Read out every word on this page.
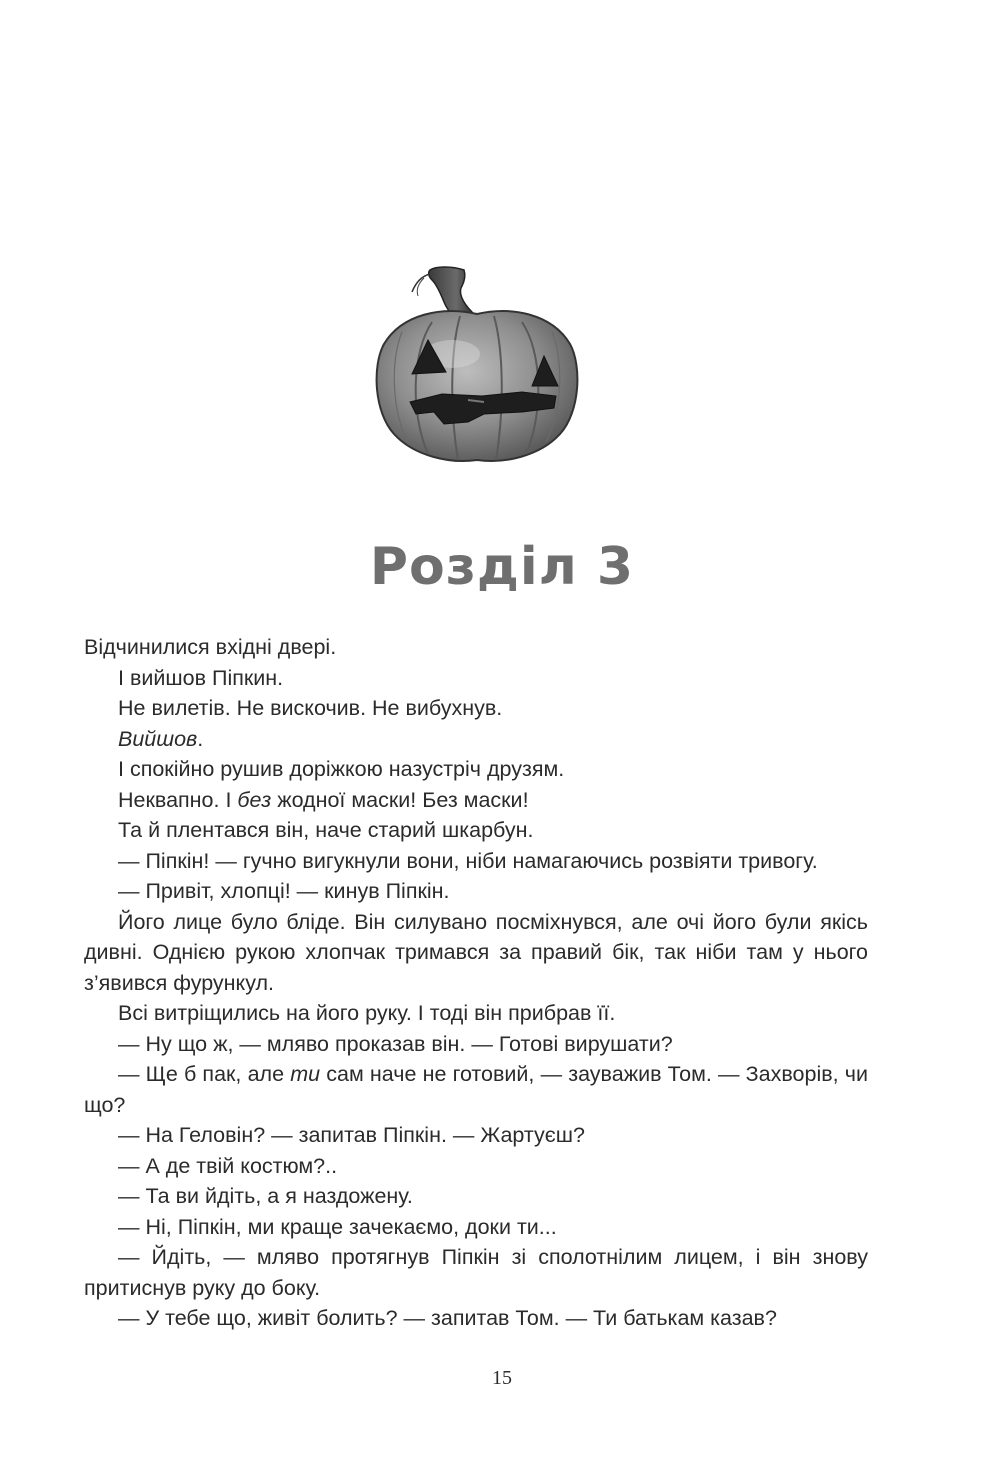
Розділ 3

Відчинилися вхідні двері.

І вийшов Піпкин.

Не вилетів. Не вискочив. Не вибухнув.

Вийшов.

І спокійно рушив доріжкою назустріч друзям.

Неквапно. І без жодної маски! Без маски!

Та й плентався він, наче старий шкарбун.

— Піпкін! — гучно вигукнули вони, ніби намагаючись розвіяти тривогу.

— Привіт, хлопці! — кинув Піпкін.

Його лице було бліде. Він силувано посміхнувся, але очі його були якісь дивні. Однією рукою хлопчак тримався за правий бік, так ніби там у нього з’явився фурункул.

Всі витріщились на його руку. І тоді він прибрав її.

— Ну що ж, — мляво проказав він. — Готові вирушати?

— Ще б пак, але ти сам наче не готовий, — зауважив Том. — Захворів, чи що?

— На Геловін? — запитав Піпкін. — Жартуєш?

— А де твій костюм?..

— Та ви йдіть, а я наздожену.

— Ні, Піпкін, ми краще зачекаємо, доки ти...

— Йдіть, — мляво протягнув Піпкін зі сполотнілим лицем, і він знову притиснув руку до боку.

— У тебе що, живіт болить? — запитав Том. — Ти батькам казав?

15
